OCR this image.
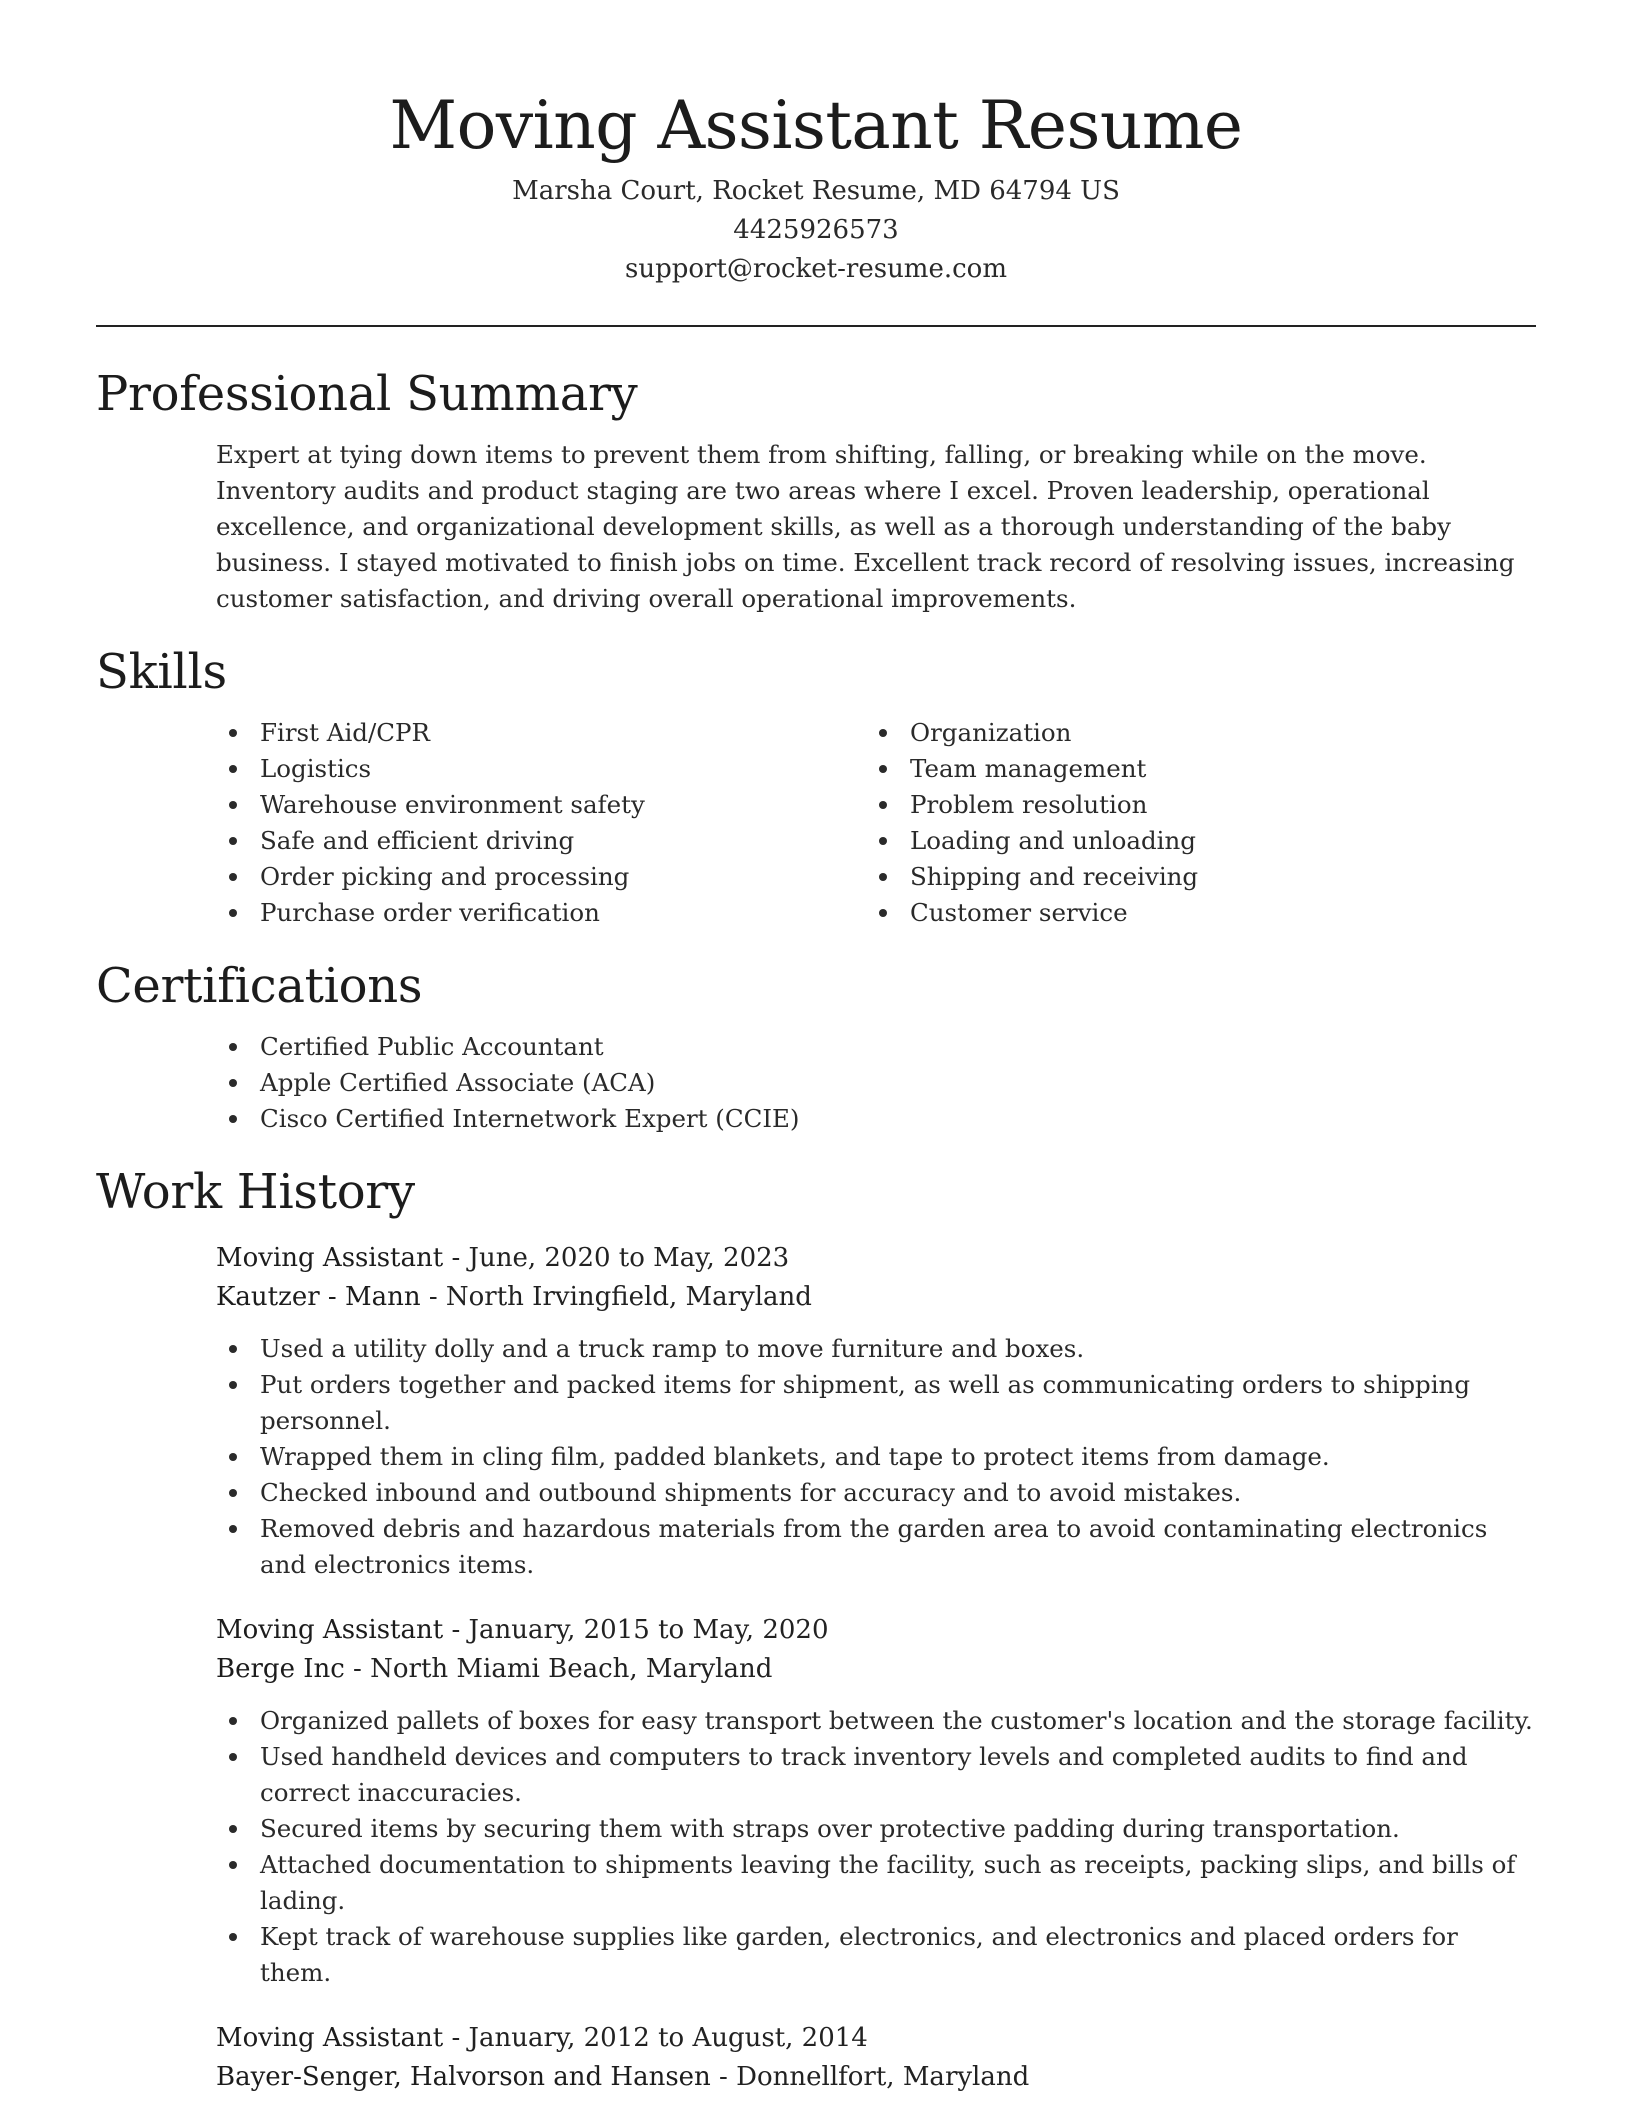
Moving Assistant Resume
Marsha Court, Rocket Resume, MD 64794 US
4425926573
support@rocket-resume.com
Professional Summary

Expert at tying down items to prevent them from shifting, falling, or breaking while on the move. Inventory audits and product staging are two areas where I excel. Proven leadership, operational excellence, and organizational development skills, as well as a thorough understanding of the baby business. I stayed motivated to finish jobs on time. Excellent track record of resolving issues, increasing customer satisfaction, and driving overall operational improvements.

Skills
First Aid/CPR
Logistics
Warehouse environment safety
Safe and efficient driving
Order picking and processing
Purchase order verification
Organization
Team management
Problem resolution
Loading and unloading
Shipping and receiving
Customer service
Certifications
Certified Public Accountant
Apple Certified Associate (ACA)
Cisco Certified Internetwork Expert (CCIE)
Work History
Moving Assistant - June, 2020 to May, 2023
Kautzer - Mann - North Irvingfield, Maryland
Used a utility dolly and a truck ramp to move furniture and boxes.
Put orders together and packed items for shipment, as well as communicating orders to shipping personnel.
Wrapped them in cling film, padded blankets, and tape to protect items from damage.
Checked inbound and outbound shipments for accuracy and to avoid mistakes.
Removed debris and hazardous materials from the garden area to avoid contaminating electronics and electronics items.
Moving Assistant - January, 2015 to May, 2020
Berge Inc - North Miami Beach, Maryland
Organized pallets of boxes for easy transport between the customer's location and the storage facility.
Used handheld devices and computers to track inventory levels and completed audits to find and correct inaccuracies.
Secured items by securing them with straps over protective padding during transportation.
Attached documentation to shipments leaving the facility, such as receipts, packing slips, and bills of lading.
Kept track of warehouse supplies like garden, electronics, and electronics and placed orders for them.
Moving Assistant - January, 2012 to August, 2014
Bayer-Senger, Halvorson and Hansen - Donnellfort, Maryland
